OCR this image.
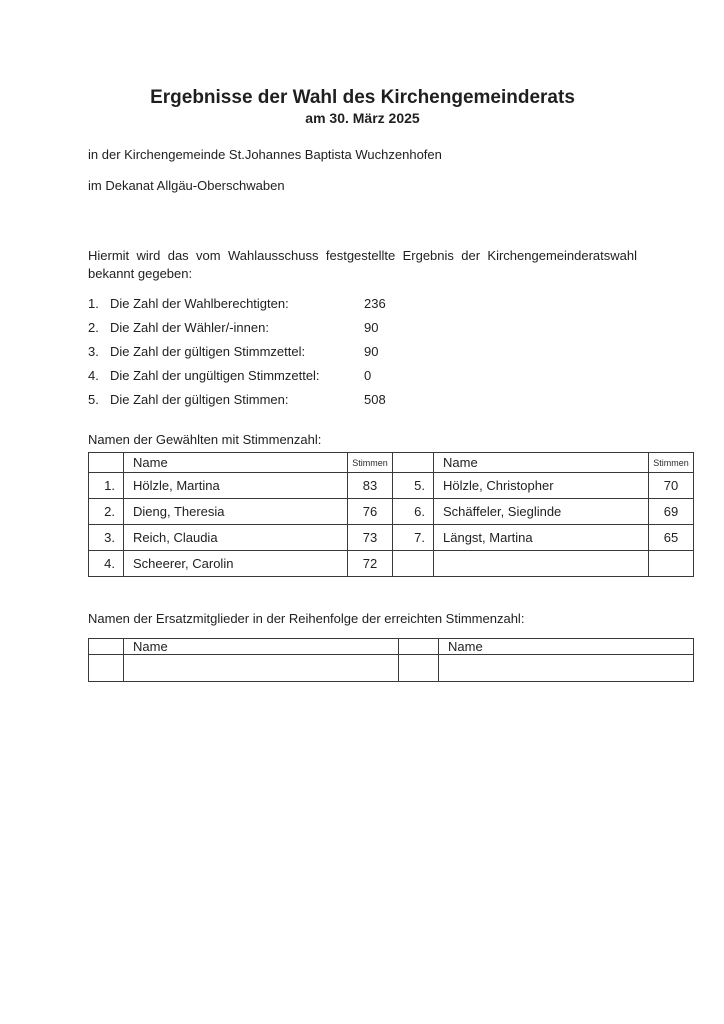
Ergebnisse der Wahl des Kirchengemeinderats
am 30. März 2025
in der Kirchengemeinde St.Johannes Baptista Wuchzenhofen
im Dekanat Allgäu-Oberschwaben
Hiermit wird das vom Wahlausschuss festgestellte Ergebnis der Kirchengemeinderatswahl
bekannt gegeben:
1. Die Zahl der Wahlberechtigten:	236
2. Die Zahl der Wähler/-innen:	90
3. Die Zahl der gültigen Stimmzettel:	90
4. Die Zahl der ungültigen Stimmzettel:	0
5. Die Zahl der gültigen Stimmen:	508
Namen der Gewählten mit Stimmenzahl:
	Name	Stimmen		Name	Stimmen
1.	Hölzle, Martina	83	5.	Hölzle, Christopher	70
2.	Dieng, Theresia	76	6.	Schäffeler, Sieglinde	69
3.	Reich, Claudia	73	7.	Längst, Martina	65
4.	Scheerer, Carolin	72			
Namen der Ersatzmitglieder in der Reihenfolge der erreichten Stimmenzahl:
	Name		Name
